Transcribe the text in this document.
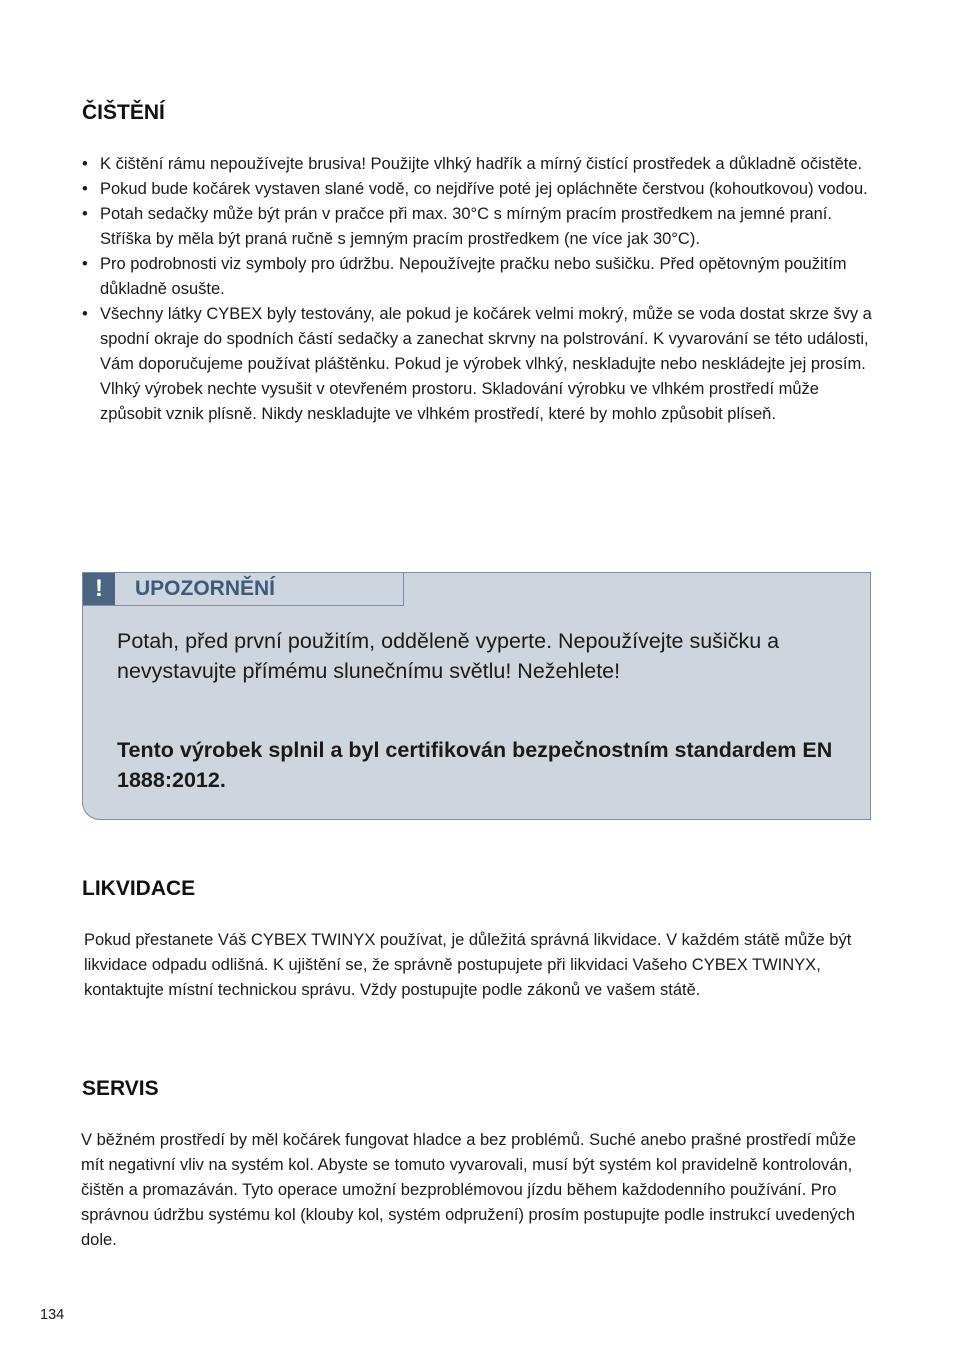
ČIŠTĚNÍ
• K čištění rámu nepoužívejte brusiva! Použijte vlhký hadřík a mírný čistící prostředek a důkladně očistěte.
• Pokud bude kočárek vystaven slané vodě, co nejdříve poté jej opláchněte čerstvou (kohoutkovou) vodou.
• Potah sedačky může být prán v pračce při max. 30°C s mírným pracím prostředkem na jemné praní. Stříška by měla být praná ručně s jemným pracím prostředkem (ne více jak 30°C).
• Pro podrobnosti viz symboly pro údržbu. Nepoužívejte pračku nebo sušičku. Před opětovným použitím důkladně osušte.
• Všechny látky CYBEX byly testovány, ale pokud je kočárek velmi mokrý, může se voda dostat skrze švy a spodní okraje do spodních částí sedačky a zanechat skrvny na polstrování. K vyvarování se této události, Vám doporučujeme používat pláštěnku. Pokud je výrobek vlhký, neskladujte nebo neskládejte jej prosím. Vlhký výrobek nechte vysušit v otevřeném prostoru. Skladování výrobku ve vlhkém prostředí může způsobit vznik plísně. Nikdy neskladujte ve vlhkém prostředí, které by mohlo způsobit plíseň.
!	UPOZORNĚNÍ

Potah, před první použitím, odděleně vyperte. Nepoužívejte sušičku a nevystavujte přímému slunečnímu světlu! Nežehlete!

Tento výrobek splnil a byl certifikován bezpečnostním standardem EN 1888:2012.

LIKVIDACE

Pokud přestanete Váš CYBEX TWINYX používat, je důležitá správná likvidace. V každém státě může být likvidace odpadu odlišná. K ujištění se, že správně postupujete při likvidaci Vašeho CYBEX TWINYX, kontaktujte místní technickou správu. Vždy postupujte podle zákonů ve vašem státě.

SERVIS

V běžném prostředí by měl kočárek fungovat hladce a bez problémů. Suché anebo prašné prostředí může mít negativní vliv na systém kol. Abyste se tomuto vyvarovali, musí být systém kol pravidelně kontrolován, čištěn a promazáván. Tyto operace umožní bezproblémovou jízdu během každodenního používání. Pro správnou údržbu systému kol (klouby kol, systém odpružení) prosím postupujte podle instrukcí uvedených dole.

134
